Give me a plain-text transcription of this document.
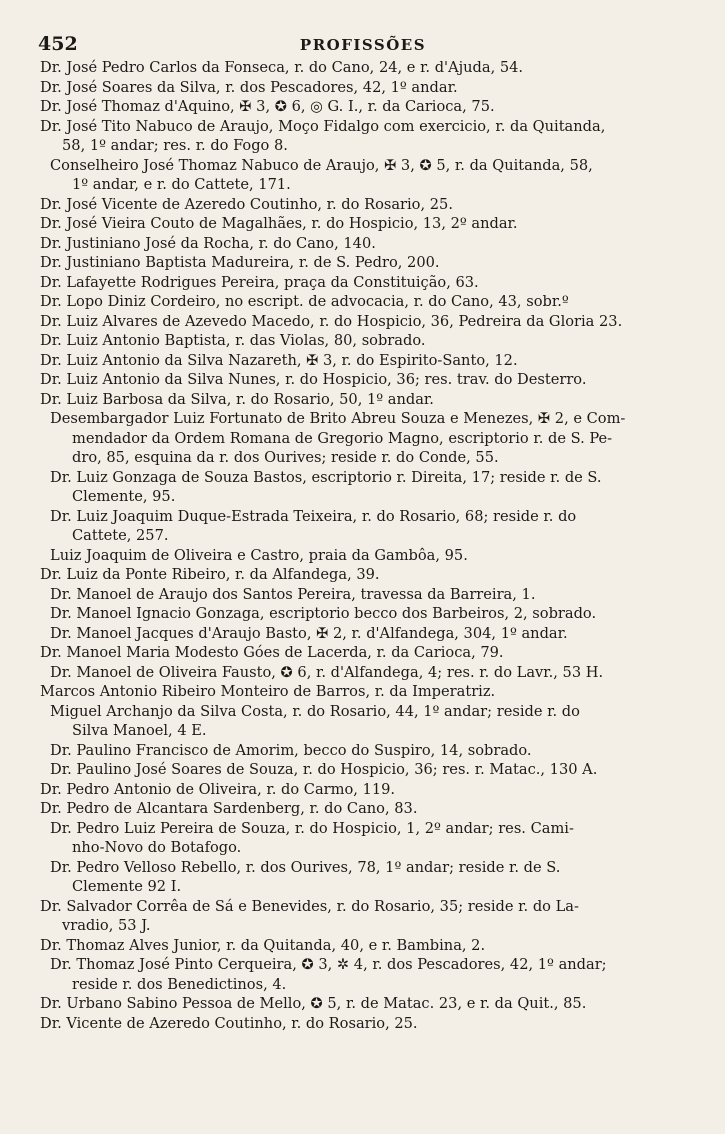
452	PROFISSÕES

Dr. José Pedro Carlos da Fonseca, r. do Cano, 24, e r. d'Ajuda, 54.

Dr. José Soares da Silva, r. dos Pescadores, 42, 1º andar.

Dr. José Thomaz d'Aquino, ✠ 3, ✪ 6, ◎ G. I., r. da Carioca, 75.

Dr. José Tito Nabuco de Araujo, Moço Fidalgo com exercicio, r. da Quitanda,
58, 1º andar; res. r. do Fogo 8.

Conselheiro José Thomaz Nabuco de Araujo, ✠ 3, ✪ 5, r. da Quitanda, 58,
1º andar, e r. do Cattete, 171.

Dr. José Vicente de Azeredo Coutinho, r. do Rosario, 25.

Dr. José Vieira Couto de Magalhães, r. do Hospicio, 13, 2º andar.

Dr. Justiniano José da Rocha, r. do Cano, 140.

Dr. Justiniano Baptista Madureira, r. de S. Pedro, 200.

Dr. Lafayette Rodrigues Pereira, praça da Constituição, 63.

Dr. Lopo Diniz Cordeiro, no escript. de advocacia, r. do Cano, 43, sobr.º

Dr. Luiz Alvares de Azevedo Macedo, r. do Hospicio, 36, Pedreira da Gloria 23.

Dr. Luiz Antonio Baptista, r. das Violas, 80, sobrado.

Dr. Luiz Antonio da Silva Nazareth, ✠ 3, r. do Espirito-Santo, 12.

Dr. Luiz Antonio da Silva Nunes, r. do Hospicio, 36; res. trav. do Desterro.

Dr. Luiz Barbosa da Silva, r. do Rosario, 50, 1º andar.

Desembargador Luiz Fortunato de Brito Abreu Souza e Menezes, ✠ 2, e Com-
mendador da Ordem Romana de Gregorio Magno, escriptorio r. de S. Pe-
dro, 85, esquina da r. dos Ourives; reside r. do Conde, 55.

Dr. Luiz Gonzaga de Souza Bastos, escriptorio r. Direita, 17; reside r. de S.
Clemente, 95.

Dr. Luiz Joaquim Duque-Estrada Teixeira, r. do Rosario, 68; reside r. do
Cattete, 257.

Luiz Joaquim de Oliveira e Castro, praia da Gambôa, 95.

Dr. Luiz da Ponte Ribeiro, r. da Alfandega, 39.

Dr. Manoel de Araujo dos Santos Pereira, travessa da Barreira, 1.

Dr. Manoel Ignacio Gonzaga, escriptorio becco dos Barbeiros, 2, sobrado.

Dr. Manoel Jacques d'Araujo Basto, ✠ 2, r. d'Alfandega, 304, 1º andar.

Dr. Manoel Maria Modesto Góes de Lacerda, r. da Carioca, 79.

Dr. Manoel de Oliveira Fausto, ✪ 6, r. d'Alfandega, 4; res. r. do Lavr., 53 H.

Marcos Antonio Ribeiro Monteiro de Barros, r. da Imperatriz.

Miguel Archanjo da Silva Costa, r. do Rosario, 44, 1º andar; reside r. do
Silva Manoel, 4 E.

Dr. Paulino Francisco de Amorim, becco do Suspiro, 14, sobrado.

Dr. Paulino José Soares de Souza, r. do Hospicio, 36; res. r. Matac., 130 A.

Dr. Pedro Antonio de Oliveira, r. do Carmo, 119.

Dr. Pedro de Alcantara Sardenberg, r. do Cano, 83.

Dr. Pedro Luiz Pereira de Souza, r. do Hospicio, 1, 2º andar; res. Cami-
nho-Novo do Botafogo.

Dr. Pedro Velloso Rebello, r. dos Ourives, 78, 1º andar; reside r. de S.
Clemente 92 I.

Dr. Salvador Corrêa de Sá e Benevides, r. do Rosario, 35; reside r. do La-
vradio, 53 J.

Dr. Thomaz Alves Junior, r. da Quitanda, 40, e r. Bambina, 2.

Dr. Thomaz José Pinto Cerqueira, ✪ 3, ✲ 4, r. dos Pescadores, 42, 1º andar;
reside r. dos Benedictinos, 4.

Dr. Urbano Sabino Pessoa de Mello, ✪ 5, r. de Matac. 23, e r. da Quit., 85.

Dr. Vicente de Azeredo Coutinho, r. do Rosario, 25.
